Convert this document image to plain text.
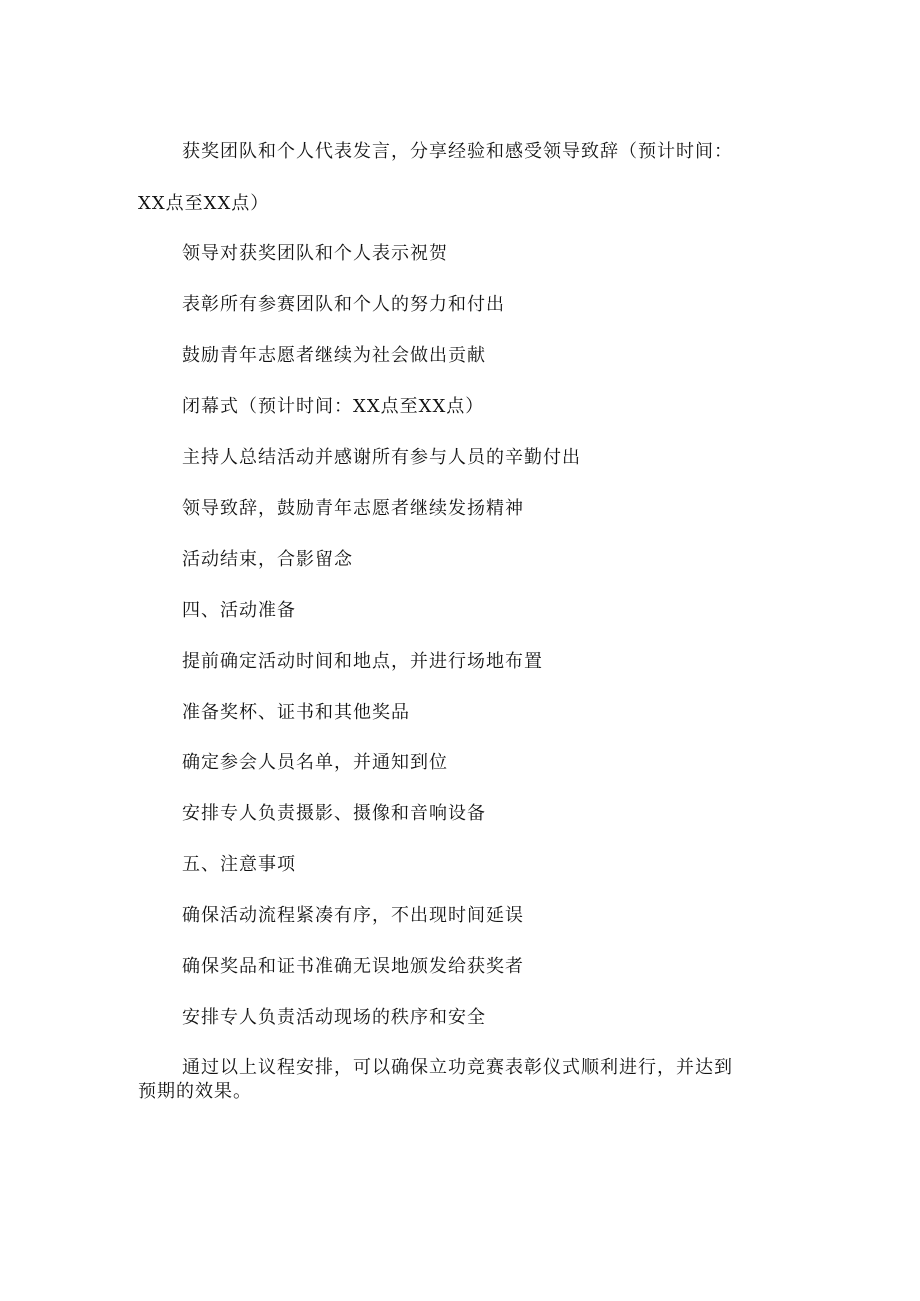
获奖团队和个人代表发言，分享经验和感受领导致辞（预计时间：
XX点至XX点）
领导对获奖团队和个人表示祝贺
表彰所有参赛团队和个人的努力和付出
鼓励青年志愿者继续为社会做出贡献
闭幕式（预计时间：XX点至XX点）
主持人总结活动并感谢所有参与人员的辛勤付出
领导致辞，鼓励青年志愿者继续发扬精神
活动结束，合影留念
四、活动准备
提前确定活动时间和地点，并进行场地布置
准备奖杯、证书和其他奖品
确定参会人员名单，并通知到位
安排专人负责摄影、摄像和音响设备
五、注意事项
确保活动流程紧凑有序，不出现时间延误
确保奖品和证书准确无误地颁发给获奖者
安排专人负责活动现场的秩序和安全
通过以上议程安排，可以确保立功竞赛表彰仪式顺利进行，并达到
预期的效果。
